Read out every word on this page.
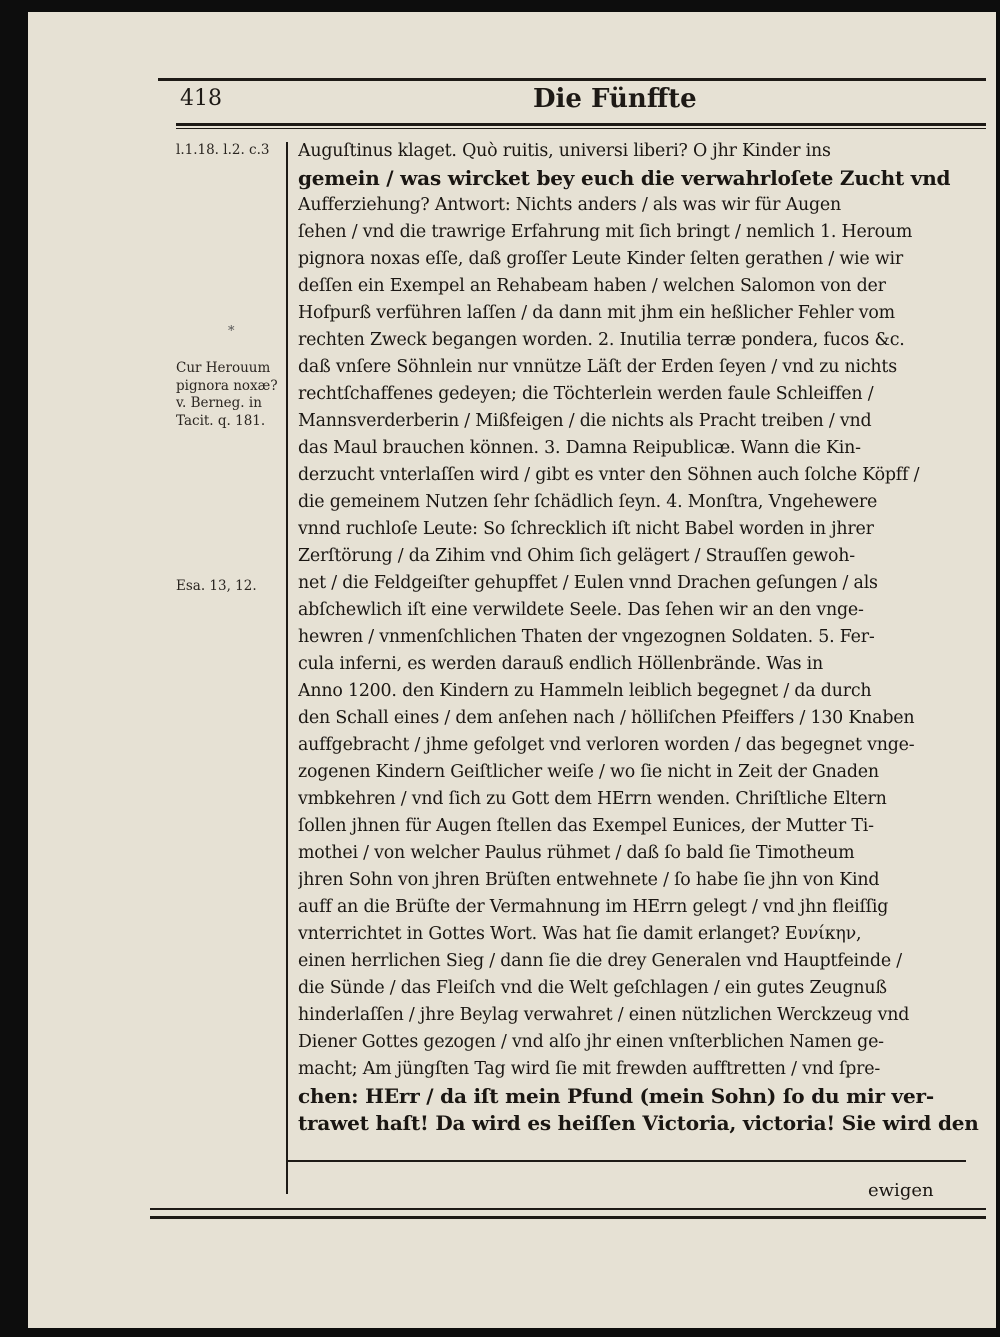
418	Die Fünffte
l.1.18. l.2. c.3
*
Cur Herouum pignora noxæ? v. Berneg. in Tacit. q. 181.
Esa. 13, 12.
Auguſtinus klaget. Quò ruitis, universi liberi? O jhr Kinder ins
gemein / was wircket bey euch die verwahrloſete Zucht vnd
Aufferziehung? Antwort: Nichts anders / als was wir für Augen
ſehen / vnd die trawrige Erfahrung mit ſich bringt / nemlich 1. Heroum
pignora noxas eſſe, daß groſſer Leute Kinder ſelten gerathen / wie wir
deſſen ein Exempel an Rehabeam haben / welchen Salomon von der
Hofpurß verführen laſſen / da dann mit jhm ein heßlicher Fehler vom
rechten Zweck begangen worden. 2. Inutilia terræ pondera, fucos &c.
daß vnſere Söhnlein nur vnnütze Läſt der Erden ſeyen / vnd zu nichts
rechtſchaffenes gedeyen; die Töchterlein werden faule Schleiffen /
Mannsverderberin / Mißfeigen / die nichts als Pracht treiben / vnd
das Maul brauchen können. 3. Damna Reipublicæ. Wann die Kin-
derzucht vnterlaſſen wird / gibt es vnter den Söhnen auch ſolche Köpff /
die gemeinem Nutzen ſehr ſchädlich ſeyn. 4. Monſtra, Vngehewere
vnnd ruchloſe Leute: So ſchrecklich iſt nicht Babel worden in jhrer
Zerſtörung / da Zihim vnd Ohim ſich gelägert / Strauſſen gewoh-
net / die Feldgeiſter gehupffet / Eulen vnnd Drachen geſungen / als
abſchewlich iſt eine verwildete Seele. Das ſehen wir an den vnge-
hewren / vnmenſchlichen Thaten der vngezognen Soldaten. 5. Fer-
cula inferni, es werden darauß endlich Höllenbrände. Was in
Anno 1200. den Kindern zu Hammeln leiblich begegnet / da durch
den Schall eines / dem anſehen nach / hölliſchen Pfeiffers / 130 Knaben
auffgebracht / jhme gefolget vnd verloren worden / das begegnet vnge-
zogenen Kindern Geiſtlicher weiſe / wo ſie nicht in Zeit der Gnaden
vmbkehren / vnd ſich zu Gott dem HErrn wenden. Chriſtliche Eltern
ſollen jhnen für Augen ſtellen das Exempel Eunices, der Mutter Ti-
mothei / von welcher Paulus rühmet / daß ſo bald ſie Timotheum
jhren Sohn von jhren Brüſten entwehnete / ſo habe ſie jhn von Kind
auff an die Brüſte der Vermahnung im HErrn gelegt / vnd jhn fleiſſig
vnterrichtet in Gottes Wort. Was hat ſie damit erlanget? Ευνίκην,
einen herrlichen Sieg / dann ſie die drey Generalen vnd Hauptfeinde /
die Sünde / das Fleiſch vnd die Welt geſchlagen / ein gutes Zeugnuß
hinderlaſſen / jhre Beylag verwahret / einen nützlichen Werckzeug vnd
Diener Gottes gezogen / vnd alſo jhr einen vnſterblichen Namen ge-
macht; Am jüngſten Tag wird ſie mit frewden aufftretten / vnd ſpre-
chen: HErr / da iſt mein Pfund (mein Sohn) ſo du mir ver-
trawet haſt! Da wird es heiſſen Victoria, victoria! Sie wird den
ewigen
